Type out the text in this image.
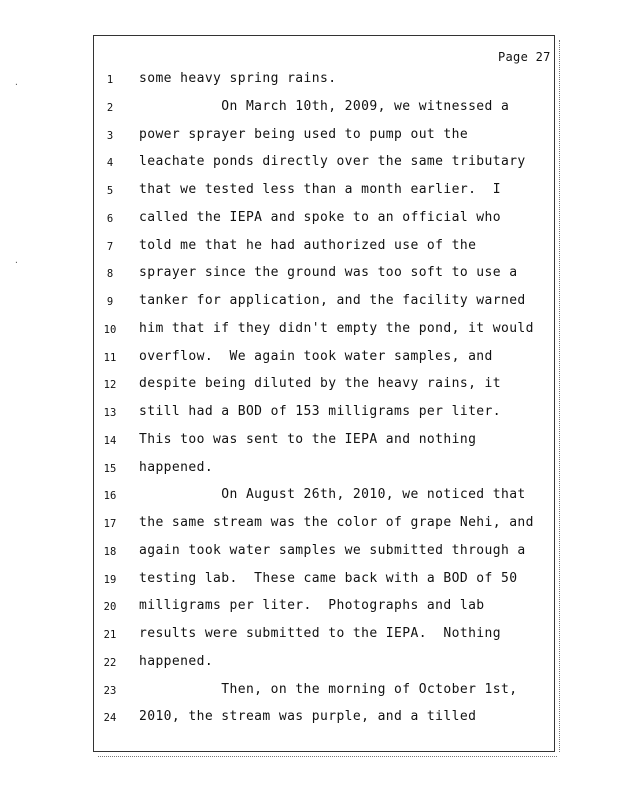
·
·
Page 27
1	some heavy spring rains.
2	On March 10th, 2009, we witnessed a
3	power sprayer being used to pump out the
4	leachate ponds directly over the same tributary
5	that we tested less than a month earlier.  I
6	called the IEPA and spoke to an official who
7	told me that he had authorized use of the
8	sprayer since the ground was too soft to use a
9	tanker for application, and the facility warned
10	him that if they didn't empty the pond, it would
11	overflow.  We again took water samples, and
12	despite being diluted by the heavy rains, it
13	still had a BOD of 153 milligrams per liter.
14	This too was sent to the IEPA and nothing
15	happened.
16	On August 26th, 2010, we noticed that
17	the same stream was the color of grape Nehi, and
18	again took water samples we submitted through a
19	testing lab.  These came back with a BOD of 50
20	milligrams per liter.  Photographs and lab
21	results were submitted to the IEPA.  Nothing
22	happened.
23	Then, on the morning of October 1st,
24	2010, the stream was purple, and a tilled
